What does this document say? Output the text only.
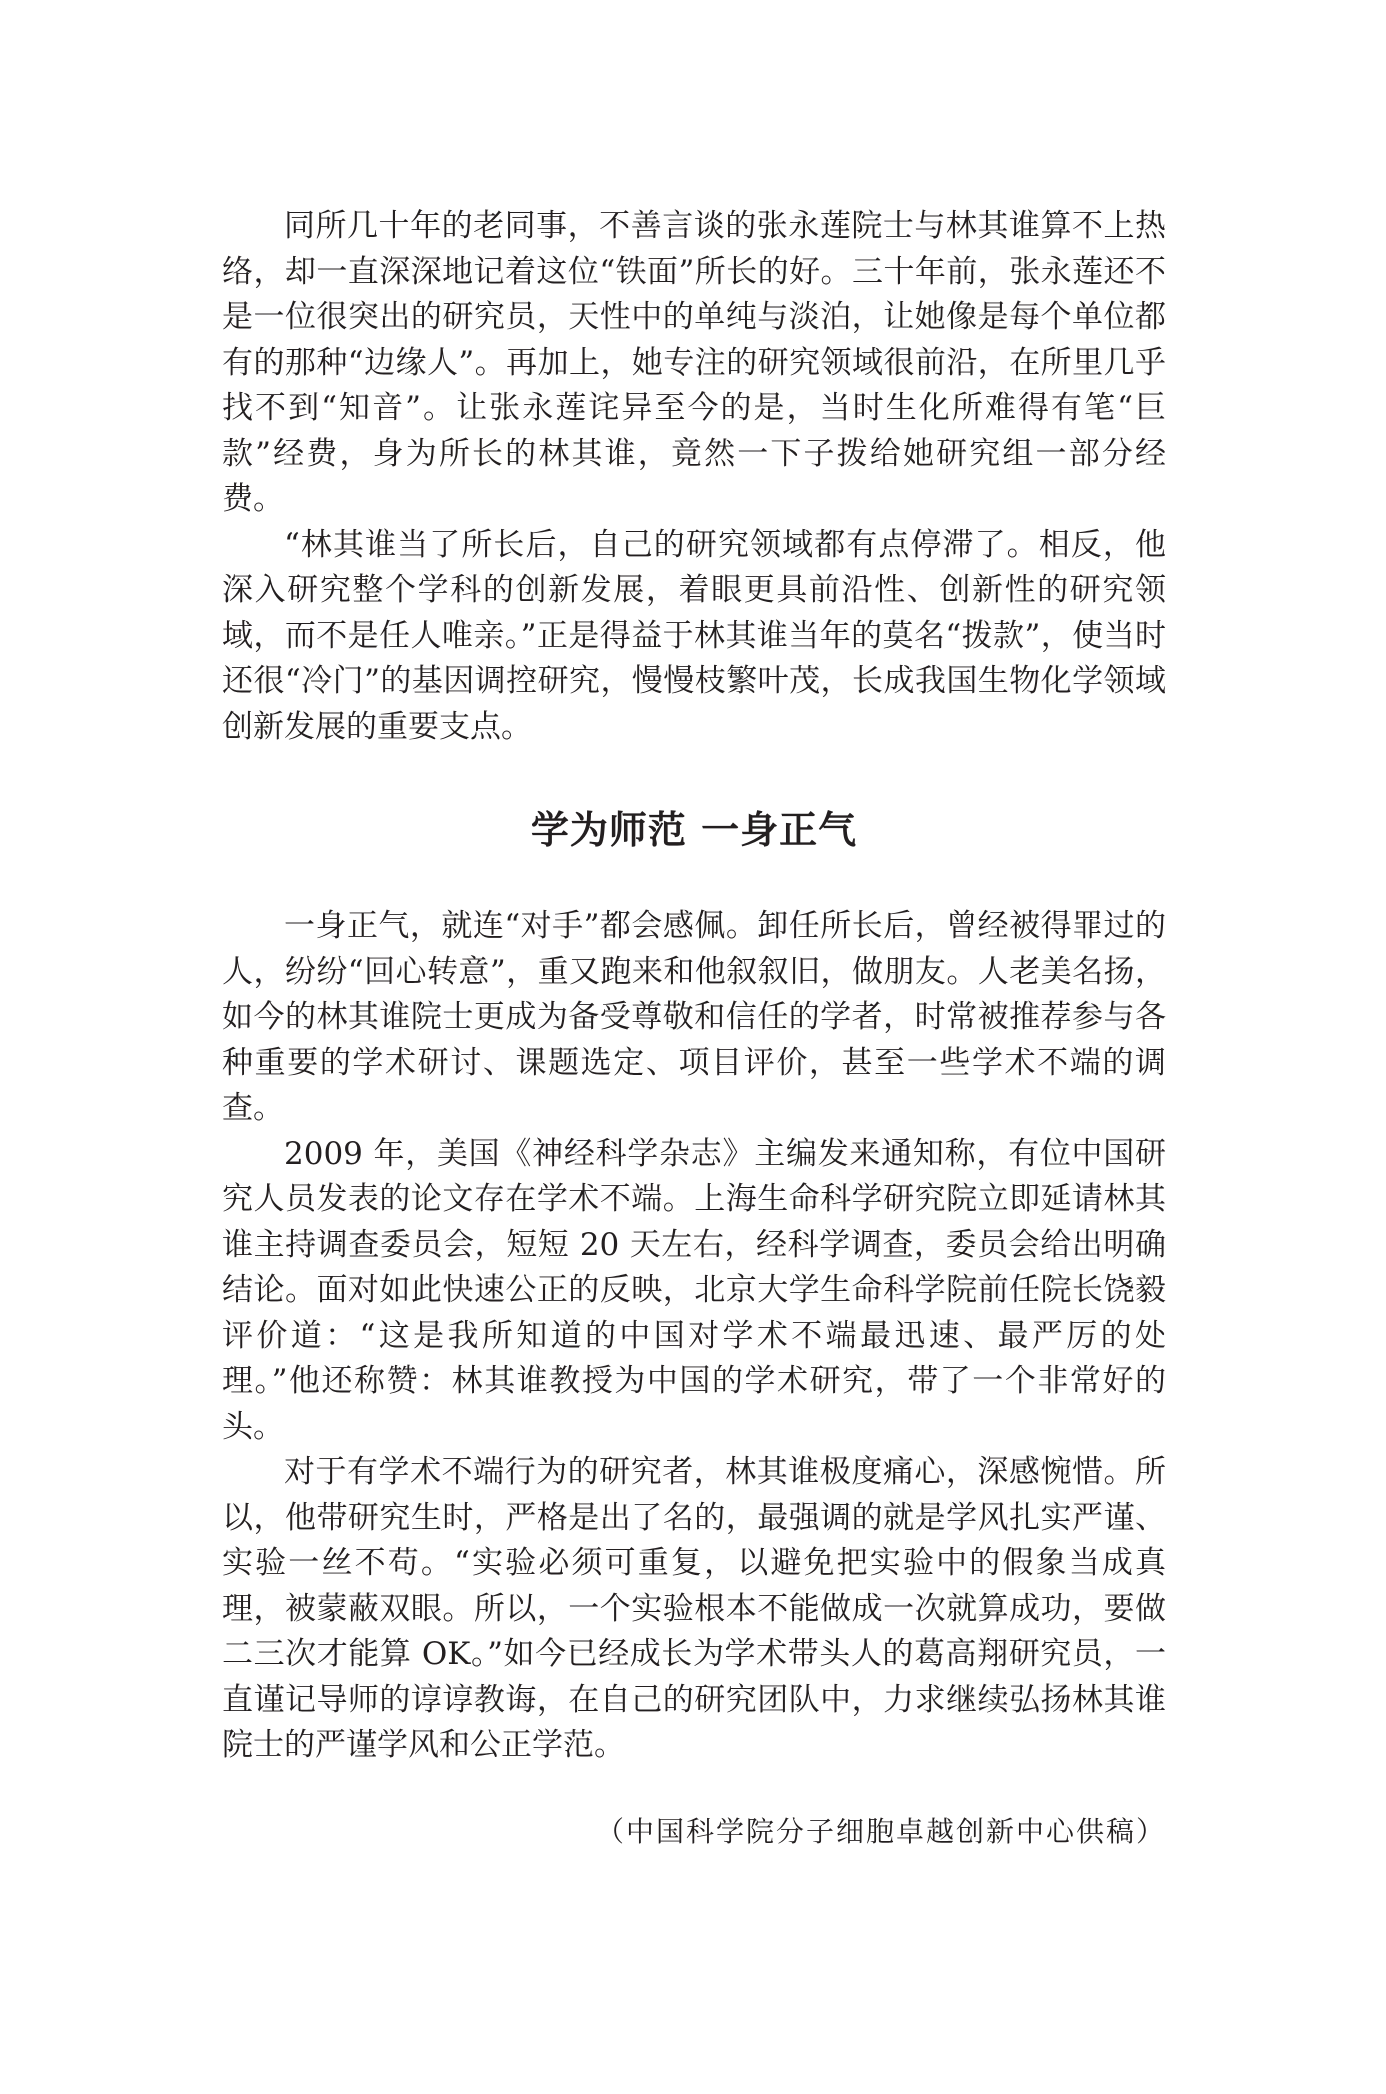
同所几十年的老同事，不善言谈的张永莲院士与林其谁算不上热络，却一直深深地记着这位“铁面”所长的好。三十年前，张永莲还不是一位很突出的研究员，天性中的单纯与淡泊，让她像是每个单位都有的那种“边缘人”。再加上，她专注的研究领域很前沿，在所里几乎找不到“知音”。让张永莲诧异至今的是，当时生化所难得有笔“巨款”经费，身为所长的林其谁，竟然一下子拨给她研究组一部分经费。

“林其谁当了所长后，自己的研究领域都有点停滞了。相反，他深入研究整个学科的创新发展，着眼更具前沿性、创新性的研究领域，而不是任人唯亲。”正是得益于林其谁当年的莫名“拨款”，使当时还很“冷门”的基因调控研究，慢慢枝繁叶茂，长成我国生物化学领域创新发展的重要支点。

学为师范 一身正气

一身正气，就连“对手”都会感佩。卸任所长后，曾经被得罪过的人，纷纷“回心转意”，重又跑来和他叙叙旧，做朋友。人老美名扬，如今的林其谁院士更成为备受尊敬和信任的学者，时常被推荐参与各种重要的学术研讨、课题选定、项目评价，甚至一些学术不端的调查。

2009 年，美国《神经科学杂志》主编发来通知称，有位中国研究人员发表的论文存在学术不端。上海生命科学研究院立即延请林其谁主持调查委员会，短短 20 天左右，经科学调查，委员会给出明确结论。面对如此快速公正的反映，北京大学生命科学院前任院长饶毅评价道：“这是我所知道的中国对学术不端最迅速、最严厉的处理。”他还称赞：林其谁教授为中国的学术研究，带了一个非常好的头。

对于有学术不端行为的研究者，林其谁极度痛心，深感惋惜。所以，他带研究生时，严格是出了名的，最强调的就是学风扎实严谨、实验一丝不苟。“实验必须可重复，以避免把实验中的假象当成真理，被蒙蔽双眼。所以，一个实验根本不能做成一次就算成功，要做二三次才能算 OK。”如今已经成长为学术带头人的葛高翔研究员，一直谨记导师的谆谆教诲，在自己的研究团队中，力求继续弘扬林其谁院士的严谨学风和公正学范。

（中国科学院分子细胞卓越创新中心供稿）
